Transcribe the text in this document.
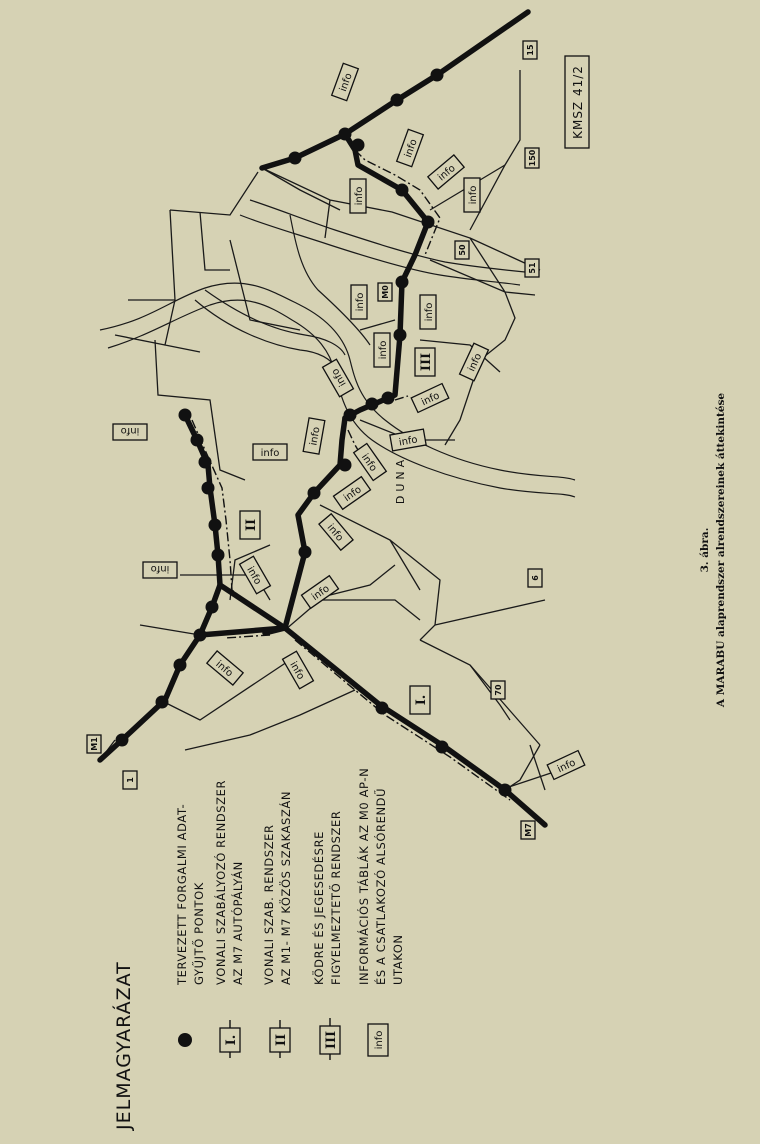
info
info
info
info
info
info
info
info
info
info
info
info
info
info
info
info
info
info
info
info
info
info	info
info
I.
II
III
M1
1
M7
70
6
51
M0
50
150
15
DUNA
KMSZ 41/2
JELMAGYARÁZAT
TERVEZETT FORGALMI ADAT- GYŰJTŐ PONTOK
I.
VONALI SZABÁLYOZÓ RENDSZER AZ M7 AUTÓPÁLYÁN
II
VONALI SZAB. RENDSZER AZ M1- M7 KÖZÖS SZAKASZÁN
III
KÖDRE ÉS JEGESEDÉSRE FIGYELMEZTETŐ RENDSZER
info
INFORMÁCIÓS TÁBLÁK AZ M0 AP-N ÉS A CSATLAKOZÓ ALSÓRENDŰ UTAKON
3. ábra. A MARABU alaprendszer alrendszereinek áttekintése
